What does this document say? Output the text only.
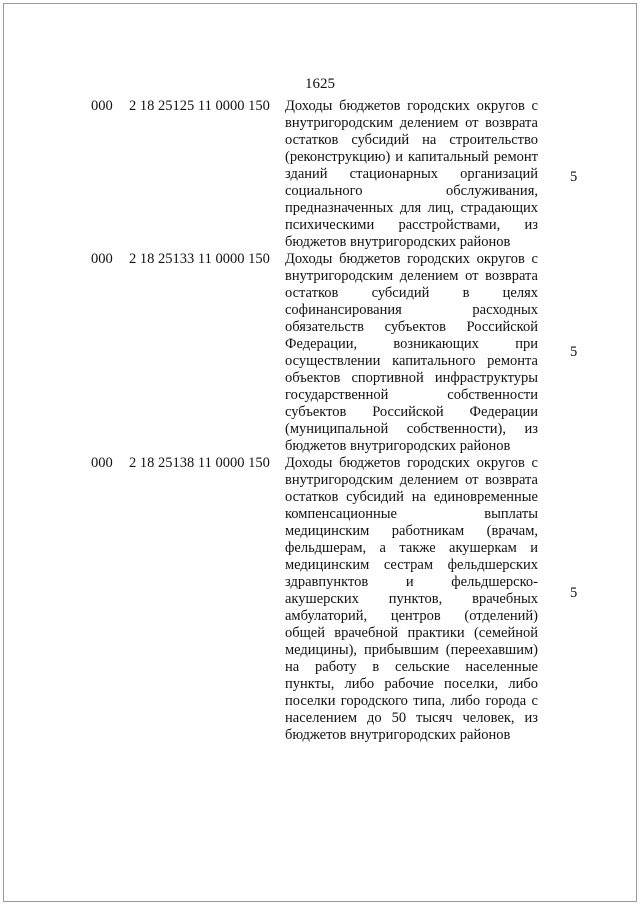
1625
000 2 18 25125 11 0000 150
5
Доходы бюджетов городских округов с
внутригородским делением от возврата
остатков субсидий на строительство
(реконструкцию) и капитальный ремонт
зданий стационарных организаций
социального обслуживания,
предназначенных для лиц, страдающих
психическими расстройствами, из
бюджетов внутригородских районов
000 2 18 25133 11 0000 150
5
Доходы бюджетов городских округов с
внутригородским делением от возврата
остатков субсидий в целях
софинансирования расходных
обязательств субъектов Российской
Федерации, возникающих при
осуществлении капитального ремонта
объектов спортивной инфраструктуры
государственной собственности
субъектов Российской Федерации
(муниципальной собственности), из
бюджетов внутригородских районов
000 2 18 25138 11 0000 150
5
Доходы бюджетов городских округов с
внутригородским делением от возврата
остатков субсидий на единовременные
компенсационные выплаты
медицинским работникам (врачам,
фельдшерам, а также акушеркам и
медицинским сестрам фельдшерских
здравпунктов и фельдшерско-
акушерских пунктов, врачебных
амбулаторий, центров (отделений)
общей врачебной практики (семейной
медицины), прибывшим (переехавшим)
на работу в сельские населенные
пункты, либо рабочие поселки, либо
поселки городского типа, либо города с
населением до 50 тысяч человек, из
бюджетов внутригородских районов
